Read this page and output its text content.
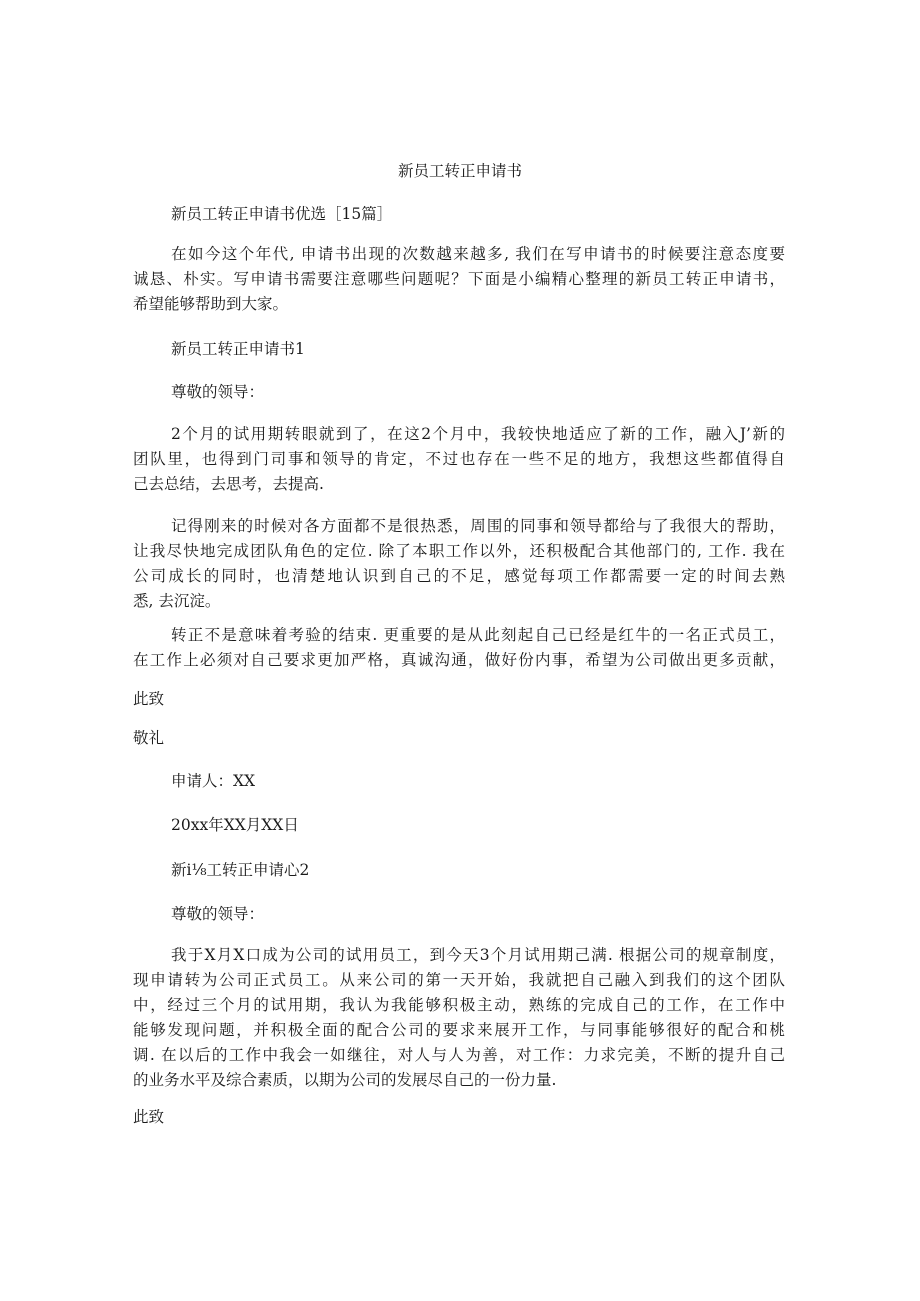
新员工转正申请书

新员工转正申请书优选［15篇］

在如今这个年代, 申请书出现的次数越来越多, 我们在写申请书的时候要注意态度要

诚恳、朴实。写申请书需要注意哪些问题呢？下面是小编精心整理的新员工转正申请书，

希望能够帮助到大家。

新员工转正申请书1

尊敬的领导：

2个月的试用期转眼就到了，在这2个月中，我较快地适应了新的工作，融入J’新的

团队里，也得到门司事和领导的肯定，不过也存在一些不足的地方，我想这些都值得自

己去总结，去思考，去提高.

记得刚来的时候对各方面都不是很热悉，周围的同事和领导都给与了我很大的帮助，

让我尽快地完成团队角色的定位. 除了本职工作以外，还积极配合其他部门的, 工作. 我在

公司成长的同时，也清楚地认识到自己的不足，感觉每项工作都需要一定的时间去熟

悉, 去沉淀。

转正不是意味着考验的结束. 更重要的是从此刻起自己已经是红牛的一名正式员工，

在工作上必须对自己要求更加严格，真诚沟通，做好份内事，希望为公司做出更多贡献，

此致

敬礼

申请人：XX

20xx年XX月XX日

新i⅛工转正申请心2

尊敬的领导：

我于X月X口成为公司的试用员工，到今天3个月试用期己满. 根据公司的规章制度，

现申请转为公司正式员工。从来公司的第一天开始，我就把自己融入到我们的这个团队

中，经过三个月的试用期，我认为我能够积极主动，熟练的完成自己的工作，在工作中

能够发现问题，并积极全面的配合公司的要求来展开工作，与同事能够很好的配合和桃

调. 在以后的工作中我会一如继往，对人与人为善，对工作：力求完美，不断的提升自己

的业务水平及综合素质，以期为公司的发展尽自己的一份力量.

此致
